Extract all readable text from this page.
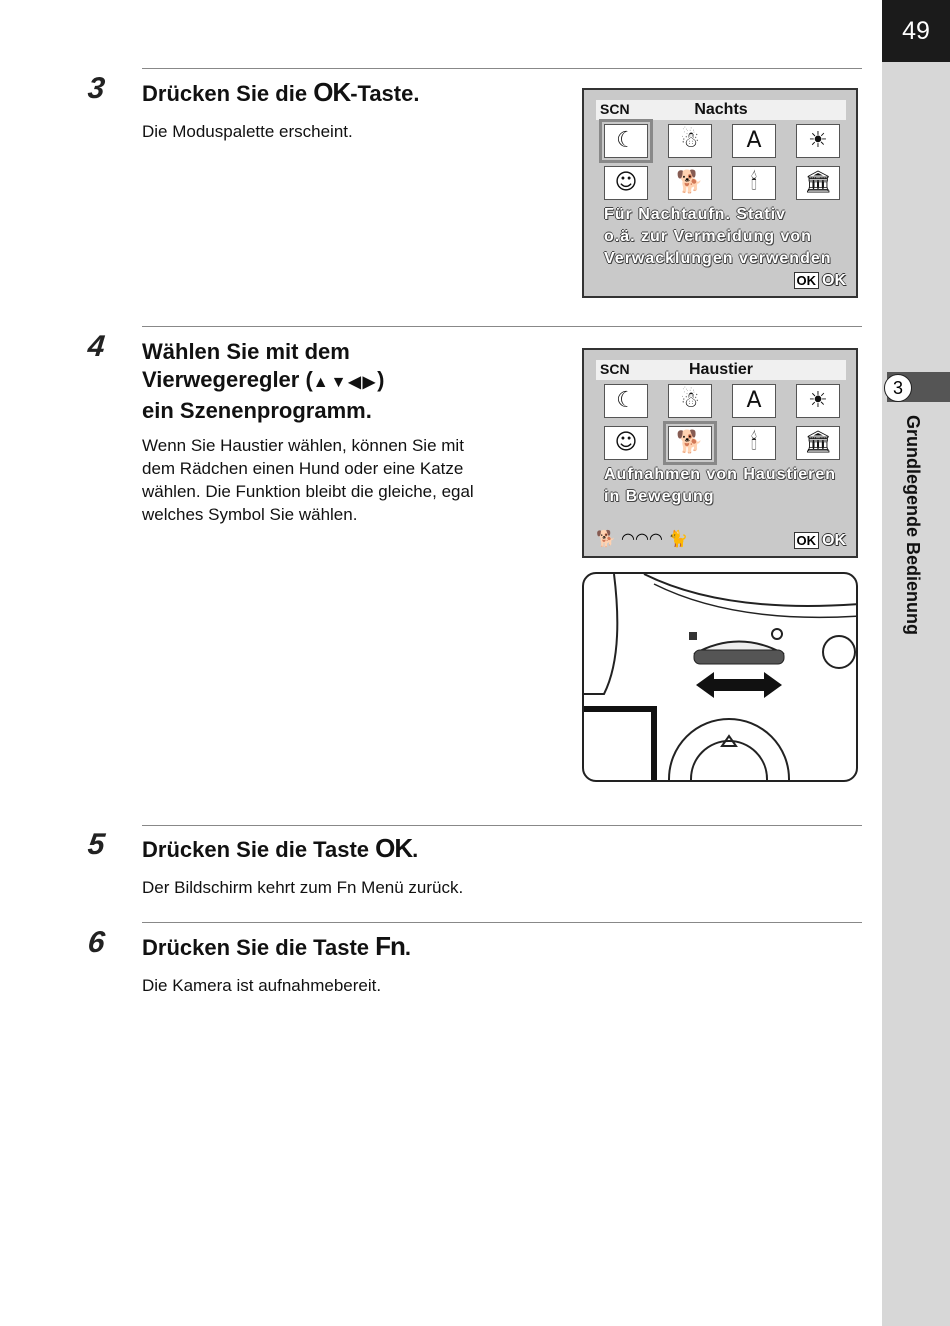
49
3
Grundlegende Bedienung
3 Drücken Sie die OK-Taste.
Die Moduspalette erscheint.
SCN	Nachts
☾	☃	A	☀
☺	🐕	🕯	🏛
Für Nachtaufn. Stativ
o.ä. zur Vermeidung von
Verwacklungen verwenden
OK OK
4 Wählen Sie mit dem
Vierwegeregler (▲▼◀▶)
ein Szenenprogramm.
Wenn Sie Haustier wählen, können Sie mit
dem Rädchen einen Hund oder eine Katze
wählen. Die Funktion bleibt die gleiche, egal
welches Symbol Sie wählen.
SCN	Haustier
☾	☃	A	☀
☺	🐕	🕯	🏛
Aufnahmen von Haustieren
in Bewegung
🐕 ◠◠◠ 🐈	OK OK
5 Drücken Sie die Taste OK.
Der Bildschirm kehrt zum Fn Menü zurück.
6 Drücken Sie die Taste Fn.
Die Kamera ist aufnahmebereit.
